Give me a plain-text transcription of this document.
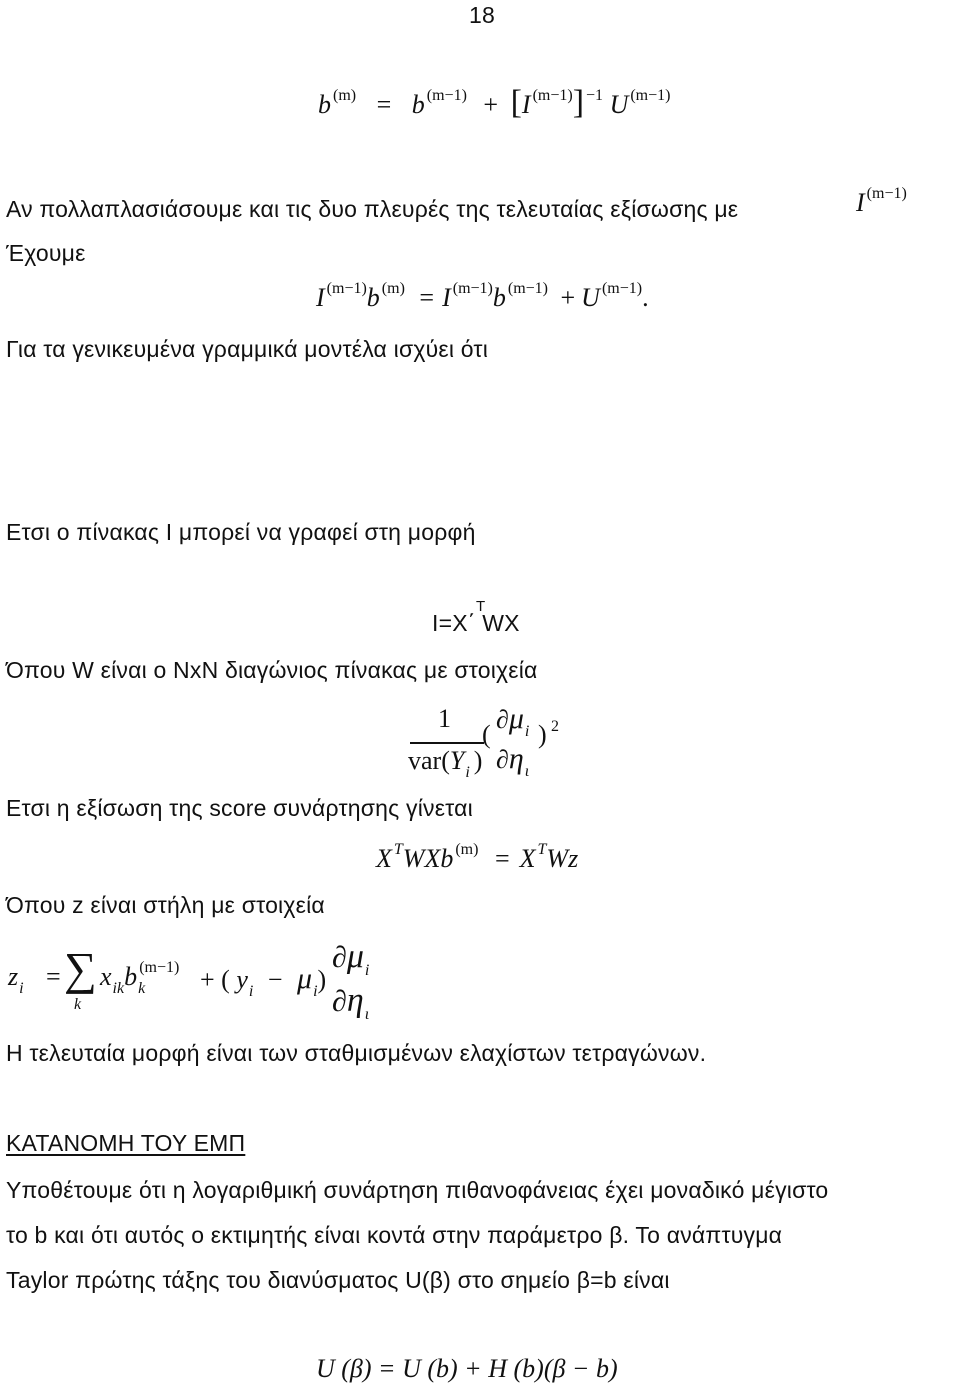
18
b $^{(m)}$ = b $^{(m-1)}$ + [I $^{(m-1)}$] $^{-1}$ U $^{(m-1)}$
Αν πολλαπλασιάσουμε και τις δυο πλευρές της τελευταίας εξίσωσης με	I $^{(m-1)}$
Έχουμε
I $^{(m-1)}$b $^{(m)}$ = I $^{(m-1)}$b $^{(m-1)}$ + U $^{(m-1)}$.
Για τα γενικευμένα γραμμικά μοντέλα ισχύει ότι
Ετσι ο πίνακας I μπορεί να γραφεί στη μορφή
I=X΄ WX
T
Όπου W είναι ο NxN διαγώνιος πίνακας με στοιχεία
1
$var(Y_i$ )
(
$\partial\mu_i$
$\partial\eta_\iota$
) 2
Ετσι η εξίσωση της score συνάρτησης γίνεται
X $^T$WXb $^{(m)}$ = X $^T$Wz
Όπου z είναι στήλη με στοιχεία
$z_i$ = ∑
k
$x_{ik}b_k^{(m-1)}$ + ( $y_i - \mu_i$)
$\partial\mu_i$
$\partial\eta_\iota$
Η τελευταία μορφή είναι των σταθμισμένων ελαχίστων τετραγώνων.
ΚΑΤΑΝΟΜΗ ΤΟΥ ΕΜΠ
Υποθέτουμε ότι η λογαριθμική συνάρτηση πιθανοφάνειας έχει μοναδικό μέγιστο
το b και ότι αυτός ο εκτιμητής είναι κοντά στην παράμετρο β. Το ανάπτυγμα
Taylor πρώτης τάξης του διανύσματος U(β) στο σημείο β=b είναι
U (β) = U (b) + H (b)(β − b)
